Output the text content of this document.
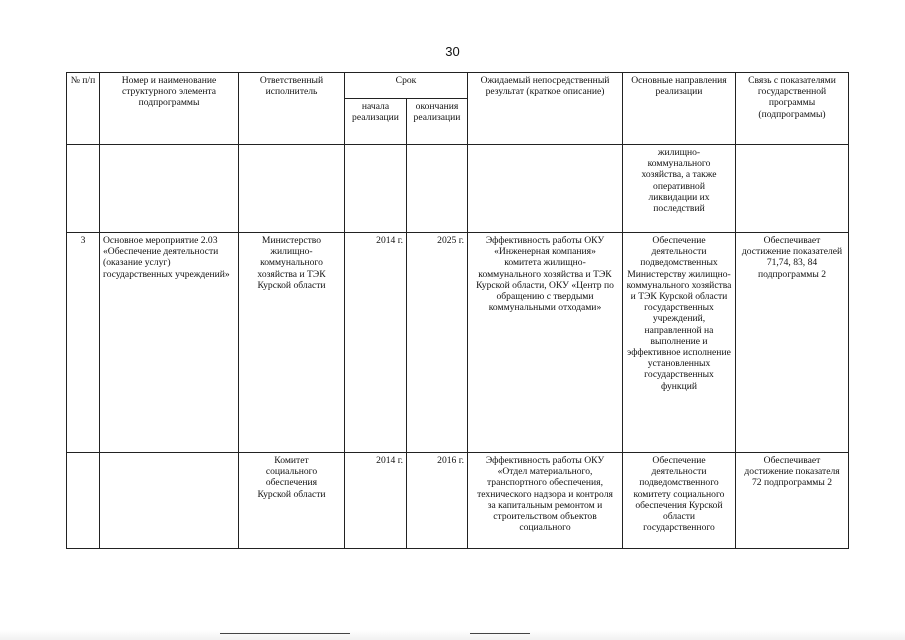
30
№ п/п	Номер и наименование структурного элемента подпрограммы	Ответственный исполнитель	Срок		Ожидаемый непосредственный результат (краткое описание)	Основные направления реализации	Связь с показателями государственной программы (подпрограммы)
			начала реализации	окончания реализации			
						жилищно-коммунального хозяйства, а также оперативной ликвидации их последствий	
3	Основное мероприятие 2.03 «Обеспечение деятельности (оказание услуг) государственных учреждений»	Министерство жилищно-коммунального хозяйства и ТЭК Курской области	2014 г.	2025 г.	Эффективность работы ОКУ «Инженерная компания» комитета жилищно-коммунального хозяйства и ТЭК Курской области, ОКУ «Центр по обращению с твердыми коммунальными отходами»	Обеспечение деятельности подведомственных Министерству жилищно-коммунального хозяйства и ТЭК Курской области государственных учреждений, направленной на выполнение и эффективное исполнение установленных государственных функций	Обеспечивает достижение показателей 71,74, 83, 84 подпрограммы 2
		Комитет социального обеспечения Курской области	2014 г.	2016 г.	Эффективность работы ОКУ «Отдел материального, транспортного обеспечения, технического надзора и контроля за капитальным ремонтом и строительством объектов социального	Обеспечение деятельности подведомственного комитету социального обеспечения Курской области государственного	Обеспечивает достижение показателя 72 подпрограммы 2
